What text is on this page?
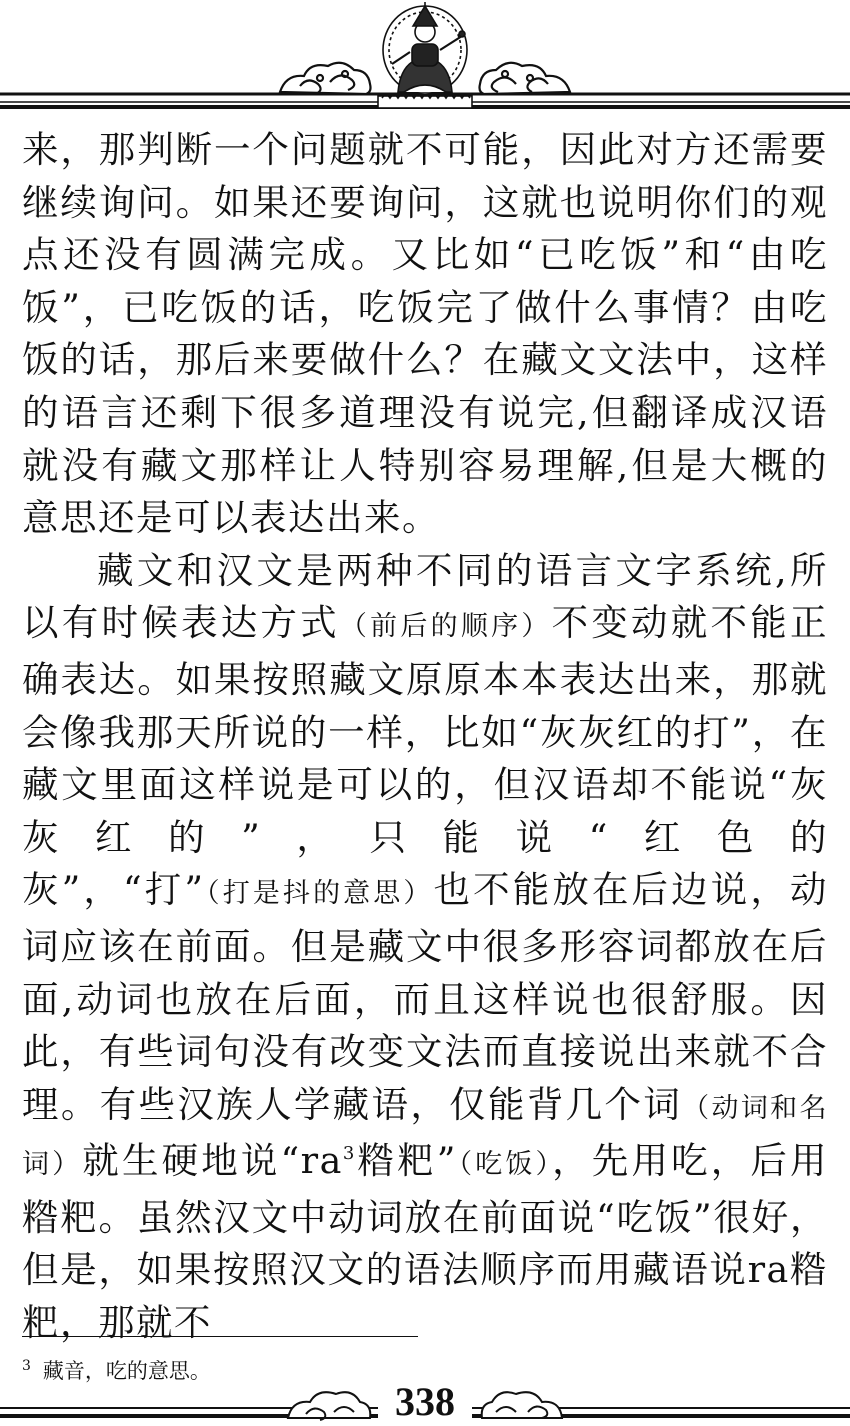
来，那判断一个问题就不可能，因此对方还需要继续询问。如果还要询问，这就也说明你们的观点还没有圆满完成。又比如“已吃饭”和“由吃饭”，已吃饭的话，吃饭完了做什么事情？由吃饭的话，那后来要做什么？在藏文文法中，这样的语言还剩下很多道理没有说完,但翻译成汉语就没有藏文那样让人特别容易理解,但是大概的意思还是可以表达出来。

藏文和汉文是两种不同的语言文字系统,所以有时候表达方式（前后的顺序）不变动就不能正确表达。如果按照藏文原原本本表达出来，那就会像我那天所说的一样，比如“灰灰红的打”，在藏文里面这样说是可以的，但汉语却不能说“灰灰红的”，只能说“红色的灰”，“打”（打是抖的意思）也不能放在后边说，动词应该在前面。但是藏文中很多形容词都放在后面,动词也放在后面，而且这样说也很舒服。因此，有些词句没有改变文法而直接说出来就不合理。有些汉族人学藏语，仅能背几个词（动词和名词）就生硬地说“$ra^3$糌粑”（吃饭），先用吃，后用糌粑。虽然汉文中动词放在前面说“吃饭”很好，但是，如果按照汉文的语法顺序而用藏语说ra糌粑，那就不

$^3$ 藏音，吃的意思。
338
